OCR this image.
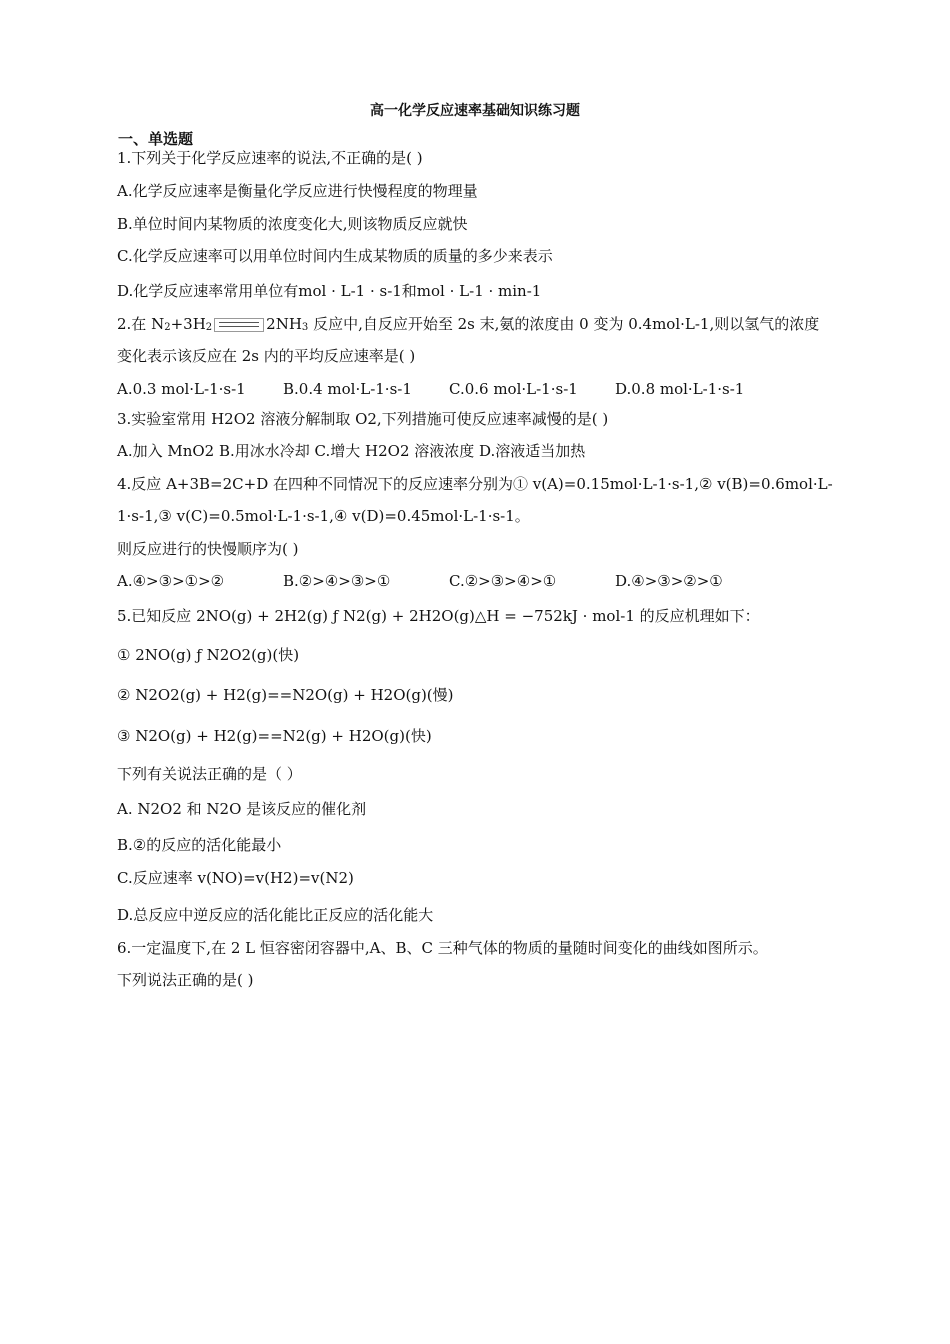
高一化学反应速率基础知识练习题
一、单选题
1.下列关于化学反应速率的说法,不正确的是( )
A.化学反应速率是衡量化学反应进行快慢程度的物理量
B.单位时间内某物质的浓度变化大,则该物质反应就快
C.化学反应速率可以用单位时间内生成某物质的质量的多少来表示
D.化学反应速率常用单位有mol · L-1 · s-1和mol · L-1 · min-1
2.在 $N_2+3H_2$	$2NH_3$ 反应中,自反应开始至 2s 末,氨的浓度由 0 变为 0.4mol·L-1,则以氢气的浓度
变化表示该反应在 2s 内的平均反应速率是( )
A.0.3 mol·L-1·s-1 B.0.4 mol·L-1·s-1 C.0.6 mol·L-1·s-1 D.0.8 mol·L-1·s-1
3.实验室常用 H2O2 溶液分解制取 O2,下列措施可使反应速率减慢的是( )
A.加入 MnO2 B.用冰水冷却 C.增大 H2O2 溶液浓度 D.溶液适当加热
4.反应 A+3B=2C+D 在四种不同情况下的反应速率分别为① v(A)=0.15mol·L-1·s-1,② v(B)=0.6mol·L-
1·s-1,③ v(C)=0.5mol·L-1·s-1,④ v(D)=0.45mol·L-1·s-1。
则反应进行的快慢顺序为( )
A.④>③>①>②	B.②>④>③>①	C.②>③>④>①	D.④>③>②>①
5.已知反应 2NO(g) + 2H2(g) ƒ N2(g) + 2H2O(g)△H = −752kJ · mol-1 的反应机理如下：
① 2NO(g) ƒ N2O2(g)(快)
② N2O2(g) + H2(g)==N2O(g) + H2O(g)(慢)
③ N2O(g) + H2(g)==N2(g) + H2O(g)(快)
下列有关说法正确的是（ ）
A. N2O2 和 N2O 是该反应的催化剂
B.②的反应的活化能最小
C.反应速率 v(NO)=v(H2)=v(N2)
D.总反应中逆反应的活化能比正反应的活化能大
6.一定温度下,在 2 L 恒容密闭容器中,A、B、C 三种气体的物质的量随时间变化的曲线如图所示。
下列说法正确的是( )
